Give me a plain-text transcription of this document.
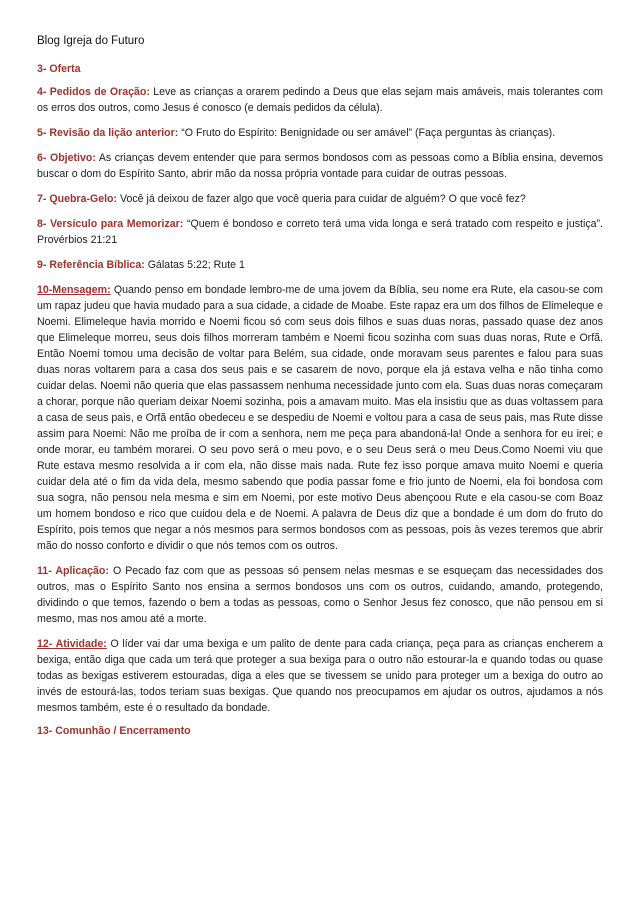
Blog Igreja do Futuro
3- Oferta

4- Pedidos de Oração: Leve as crianças a orarem pedindo a Deus que elas sejam mais amáveis, mais tolerantes com os erros dos outros, como Jesus é conosco (e demais pedidos da célula).

5- Revisão da lição anterior: “O Fruto do Espírito: Benignidade ou ser amável” (Faça perguntas às crianças).

6- Objetivo: As crianças devem entender que para sermos bondosos com as pessoas como a Bíblia ensina, devemos buscar o dom do Espírito Santo, abrir mão da nossa própria vontade para cuidar de outras pessoas.

7- Quebra-Gelo: Você já deixou de fazer algo que você queria para cuidar de alguém? O que você fez?

8- Versículo para Memorizar: “Quem é bondoso e correto terá uma vida longa e será tratado com respeito e justiça”. Provérbios 21:21

9- Referência Bíblica: Gálatas 5:22; Rute 1

10-Mensagem: Quando penso em bondade lembro-me de uma jovem da Bíblia, seu nome era Rute, ela casou-se com um rapaz judeu que havia mudado para a sua cidade, a cidade de Moabe. Este rapaz era um dos filhos de Elimeleque e Noemi. Elimeleque havia morrido e Noemi ficou só com seus dois filhos e suas duas noras, passado quase dez anos que Elimeleque morreu, seus dois filhos morreram também e Noemi ficou sozinha com suas duas noras, Rute e Orfã. Então Noemi tomou uma decisão de voltar para Belém, sua cidade, onde moravam seus parentes e falou para suas duas noras voltarem para a casa dos seus pais e se casarem de novo, porque ela já estava velha e não tinha como cuidar delas. Noemi não queria que elas passassem nenhuma necessidade junto com ela. Suas duas noras começaram a chorar, porque não queriam deixar Noemi sozinha, pois a amavam muito. Mas ela insistiu que as duas voltassem para a casa de seus pais, e Orfã então obedeceu e se despediu de Noemi e voltou para a casa de seus pais, mas Rute disse assim para Noemi: Não me proíba de ir com a senhora, nem me peça para abandoná-la! Onde a senhora for eu irei; e onde morar, eu também morarei. O seu povo será o meu povo, e o seu Deus será o meu Deus.Como Noemi viu que Rute estava mesmo resolvida a ir com ela, não disse mais nada. Rute fez isso porque amava muito Noemi e queria cuidar dela até o fim da vida dela, mesmo sabendo que podia passar fome e frio junto de Noemi, ela foi bondosa com sua sogra, não pensou nela mesma e sim em Noemi, por este motivo Deus abençoou Rute e ela casou-se com Boaz um homem bondoso e rico que cuidou dela e de Noemi. A palavra de Deus diz que a bondade é um dom do fruto do Espírito, pois temos que negar a nós mesmos para sermos bondosos com as pessoas, pois às vezes teremos que abrir mão do nosso conforto e dividir o que nós temos com os outros.

11- Aplicação: O Pecado faz com que as pessoas só pensem nelas mesmas e se esqueçam das necessidades dos outros, mas o Espírito Santo nos ensina a sermos bondosos uns com os outros, cuidando, amando, protegendo, dividindo o que temos, fazendo o bem a todas as pessoas, como o Senhor Jesus fez conosco, que não pensou em si mesmo, mas nos amou até a morte.

12- Atividade: O líder vai dar uma bexiga e um palito de dente para cada criança, peça para as crianças encherem a bexiga, então diga que cada um terá que proteger a sua bexiga para o outro não estourar-la e quando todas ou quase todas as bexigas estiverem estouradas, diga a eles que se tivessem se unido para proteger um a bexiga do outro ao invés de estourá-las, todos teriam suas bexigas. Que quando nos preocupamos em ajudar os outros, ajudamos a nós mesmos também, este é o resultado da bondade.

13- Comunhão / Encerramento
